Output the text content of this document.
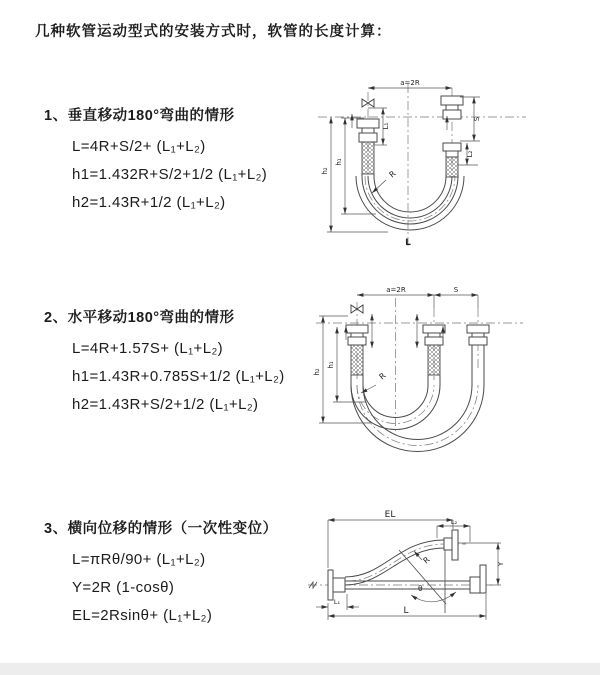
几种软管运动型式的安装方式时，软管的长度计算：
1、垂直移动180°弯曲的情形
L=4R+S/2+ (L₁+L₂)
h1=1.432R+S/2+1/2 (L₁+L₂)
h2=1.43R+1/2 (L₁+L₂)
2、水平移动180°弯曲的情形
L=4R+1.57S+ (L₁+L₂)
h1=1.43R+0.785S+1/2 (L₁+L₂)
h2=1.43R+S/2+1/2 (L₁+L₂)
3、横向位移的情形（一次性变位）
L=πRθ/90+ (L₁+L₂)
Y=2R (1-cosθ)
EL=2Rsinθ+ (L₁+L₂)
a=2R
S
L₂
L₁
h₁
h₂	R
L
a=2R	S
h₁
h₂	R
EL
L₂
Y
L
L₁
R
θ
